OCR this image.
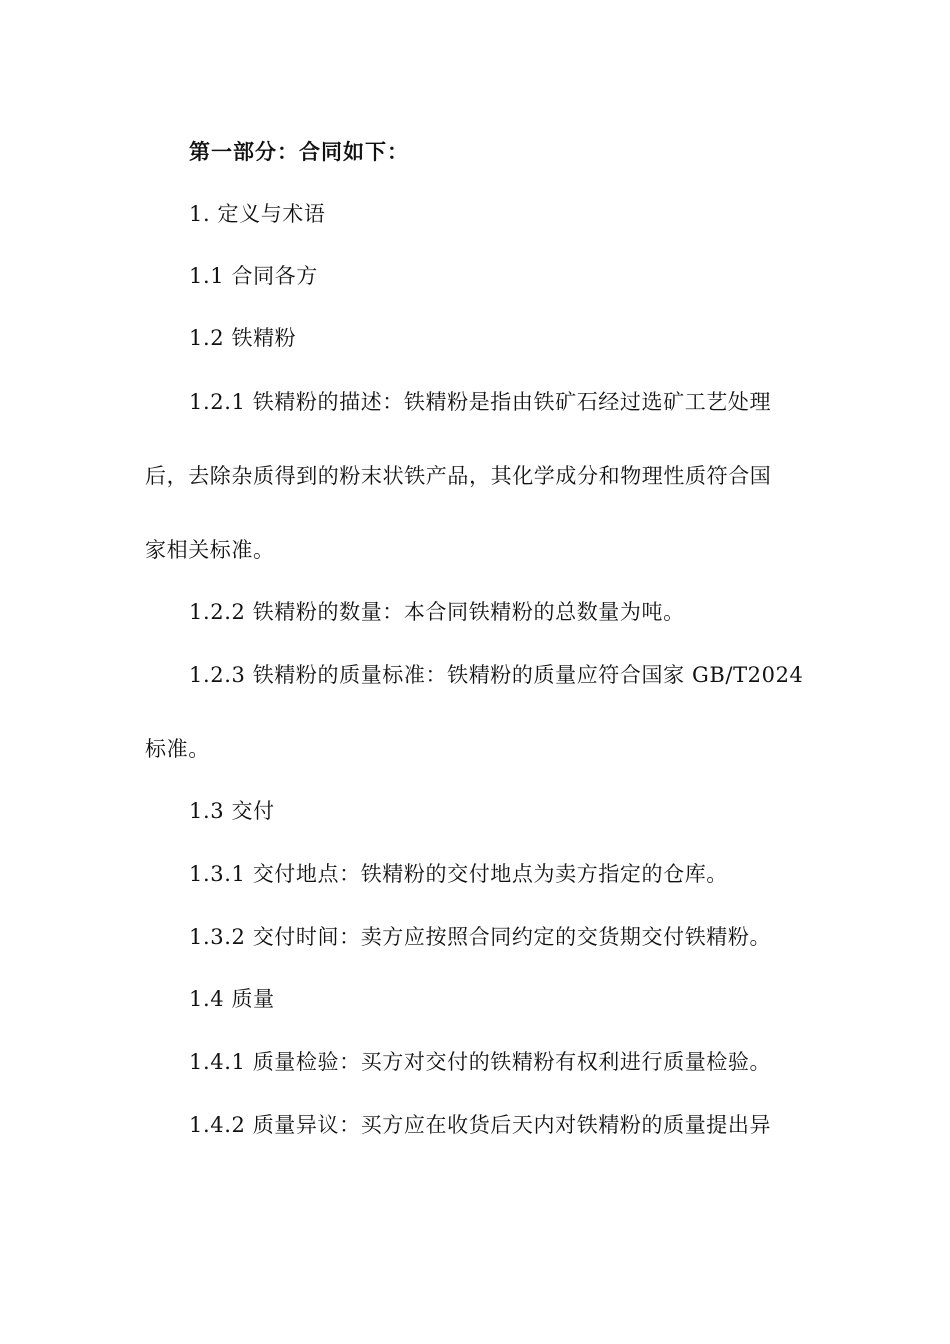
第一部分：合同如下：
1. 定义与术语
1.1 合同各方
1.2 铁精粉
1.2.1 铁精粉的描述：铁精粉是指由铁矿石经过选矿工艺处理
后，去除杂质得到的粉末状铁产品，其化学成分和物理性质符合国
家相关标准。
1.2.2 铁精粉的数量：本合同铁精粉的总数量为吨。
1.2.3 铁精粉的质量标准：铁精粉的质量应符合国家 GB/T2024
标准。
1.3 交付
1.3.1 交付地点：铁精粉的交付地点为卖方指定的仓库。
1.3.2 交付时间：卖方应按照合同约定的交货期交付铁精粉。
1.4 质量
1.4.1 质量检验：买方对交付的铁精粉有权利进行质量检验。
1.4.2 质量异议：买方应在收货后天内对铁精粉的质量提出异
